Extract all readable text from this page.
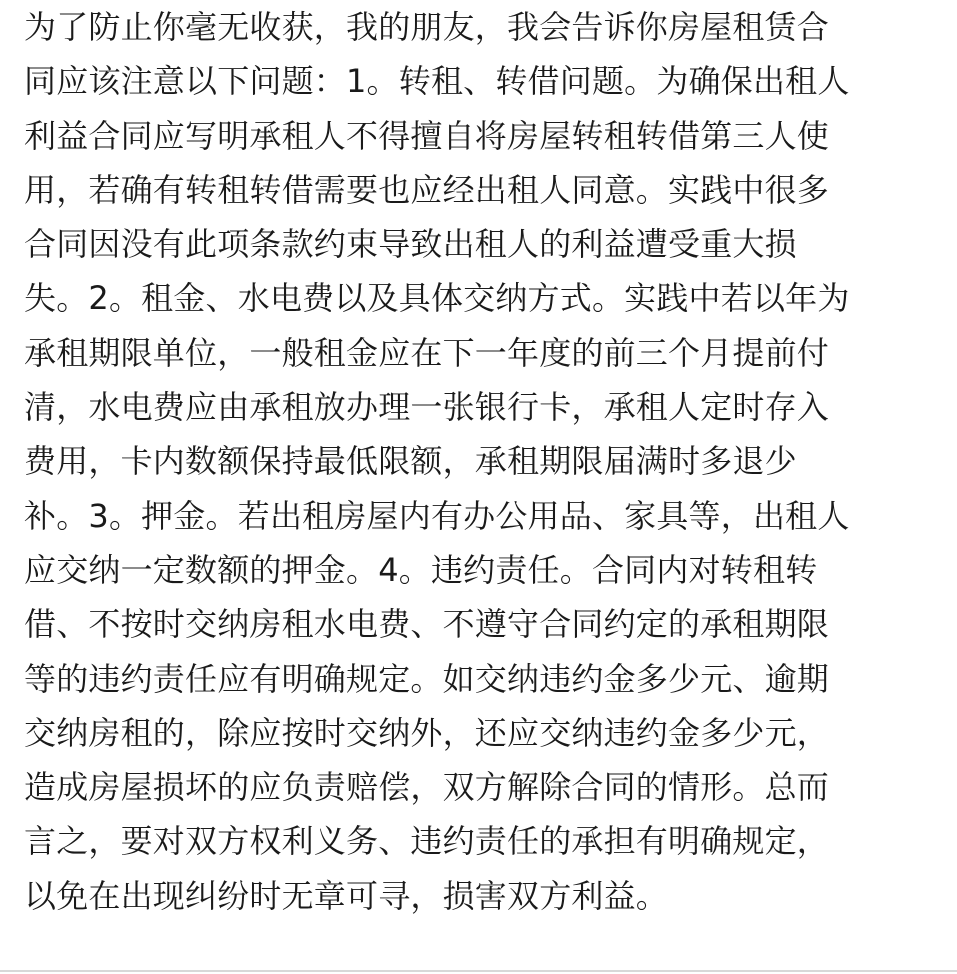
为了防止你毫无收获，我的朋友，我会告诉你房屋租赁合
同应该注意以下问题：1。转租、转借问题。为确保出租人
利益合同应写明承租人不得擅自将房屋转租转借第三人使
用，若确有转租转借需要也应经出租人同意。实践中很多
合同因没有此项条款约束导致出租人的利益遭受重大损
失。2。租金、水电费以及具体交纳方式。实践中若以年为
承租期限单位，一般租金应在下一年度的前三个月提前付
清，水电费应由承租放办理一张银行卡，承租人定时存入
费用，卡内数额保持最低限额，承租期限届满时多退少
补。3。押金。若出租房屋内有办公用品、家具等，出租人
应交纳一定数额的押金。4。违约责任。合同内对转租转
借、不按时交纳房租水电费、不遵守合同约定的承租期限
等的违约责任应有明确规定。如交纳违约金多少元、逾期
交纳房租的，除应按时交纳外，还应交纳违约金多少元，
造成房屋损坏的应负责赔偿，双方解除合同的情形。总而
言之，要对双方权利义务、违约责任的承担有明确规定，
以免在出现纠纷时无章可寻，损害双方利益。
